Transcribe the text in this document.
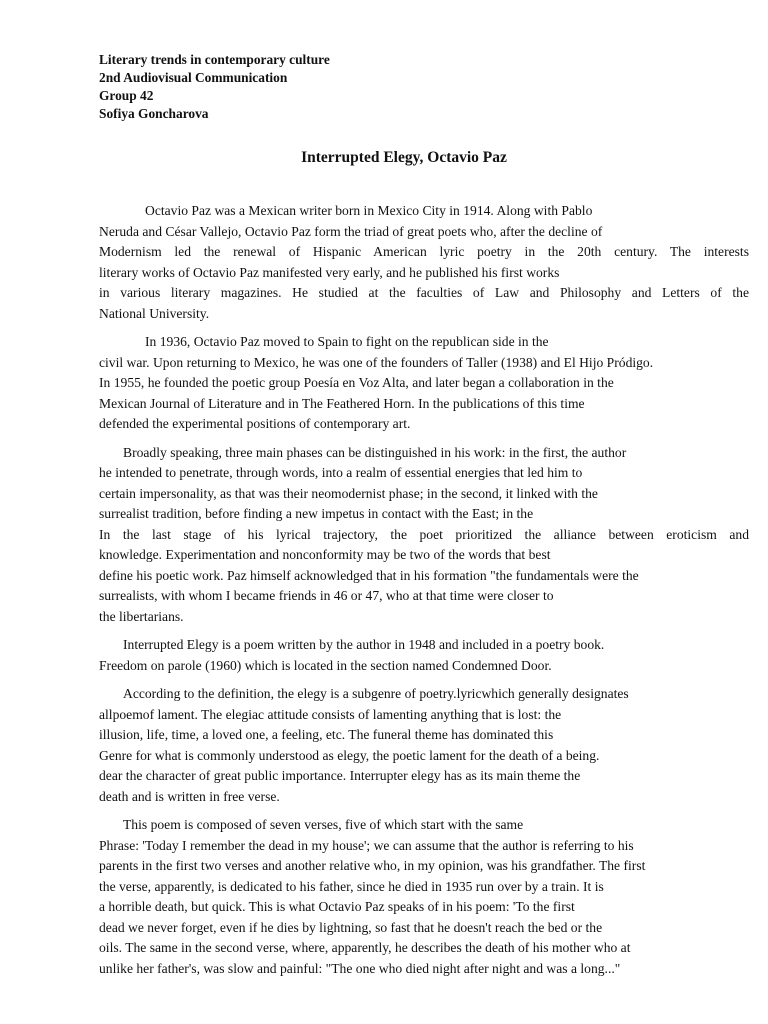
Literary trends in contemporary culture
2nd Audiovisual Communication
Group 42
Sofiya Goncharova
Interrupted Elegy, Octavio Paz
Octavio Paz was a Mexican writer born in Mexico City in 1914. Along with Pablo
Neruda and César Vallejo, Octavio Paz form the triad of great poets who, after the decline of
Modernism led the renewal of Hispanic American lyric poetry in the 20th century. The interests
literary works of Octavio Paz manifested very early, and he published his first works
in various literary magazines. He studied at the faculties of Law and Philosophy and Letters of the
National University.
In 1936, Octavio Paz moved to Spain to fight on the republican side in the
civil war. Upon returning to Mexico, he was one of the founders of Taller (1938) and El Hijo Pródigo.
In 1955, he founded the poetic group Poesía en Voz Alta, and later began a collaboration in the
Mexican Journal of Literature and in The Feathered Horn. In the publications of this time
defended the experimental positions of contemporary art.
Broadly speaking, three main phases can be distinguished in his work: in the first, the author
he intended to penetrate, through words, into a realm of essential energies that led him to
certain impersonality, as that was their neomodernist phase; in the second, it linked with the
surrealist tradition, before finding a new impetus in contact with the East; in the
In the last stage of his lyrical trajectory, the poet prioritized the alliance between eroticism and
knowledge. Experimentation and nonconformity may be two of the words that best
define his poetic work. Paz himself acknowledged that in his formation "the fundamentals were the
surrealists, with whom I became friends in 46 or 47, who at that time were closer to
the libertarians.
Interrupted Elegy is a poem written by the author in 1948 and included in a poetry book.
Freedom on parole (1960) which is located in the section named Condemned Door.
According to the definition, the elegy is a subgenre of poetry.lyricwhich generally designates
allpoemof lament. The elegiac attitude consists of lamenting anything that is lost: the
illusion, life, time, a loved one, a feeling, etc. The funeral theme has dominated this
Genre for what is commonly understood as elegy, the poetic lament for the death of a being.
dear the character of great public importance. Interrupter elegy has as its main theme the
death and is written in free verse.
This poem is composed of seven verses, five of which start with the same
Phrase: 'Today I remember the dead in my house'; we can assume that the author is referring to his
parents in the first two verses and another relative who, in my opinion, was his grandfather. The first
the verse, apparently, is dedicated to his father, since he died in 1935 run over by a train. It is
a horrible death, but quick. This is what Octavio Paz speaks of in his poem: 'To the first
dead we never forget, even if he dies by lightning, so fast that he doesn't reach the bed or the
oils. The same in the second verse, where, apparently, he describes the death of his mother who at
unlike her father's, was slow and painful: "The one who died night after night and was a long..."
